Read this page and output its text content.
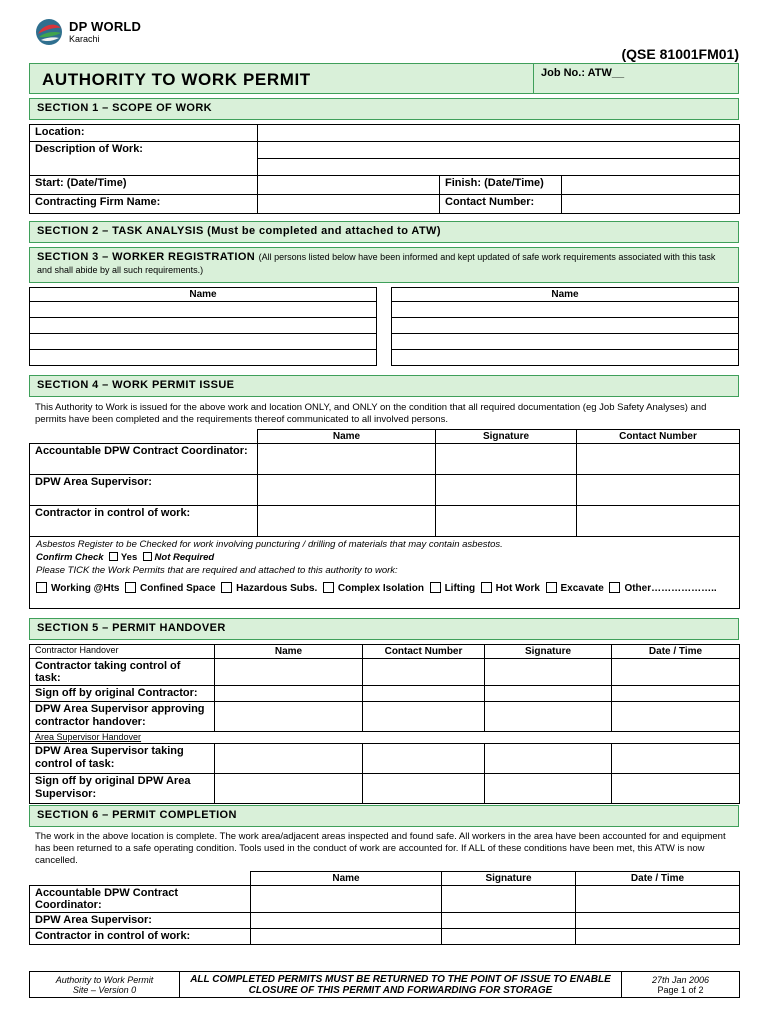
DP WORLD
Karachi
(QSE 81001FM01)
AUTHORITY TO WORK PERMIT	Job No.: ATW__
SECTION 1 – SCOPE OF WORK
Location:			
Description of Work:			

Start: (Date/Time)		Finish: (Date/Time)	
Contracting Firm Name:		Contact Number:	
SECTION 2 – TASK ANALYSIS (Must be completed and attached to ATW)
SECTION 3 – WORKER REGISTRATION (All persons listed below have been informed and kept updated of safe work requirements associated with this task and shall abide by all such requirements.)
Name	Name

SECTION 4 – WORK PERMIT ISSUE
This Authority to Work is issued for the above work and location ONLY, and ONLY on the condition that all required documentation (eg Job Safety Analyses) and permits have been completed and the requirements thereof communicated to all involved persons.
	Name	Signature	Contact Number
Accountable DPW Contract Coordinator:			
DPW Area Supervisor:			
Contractor in control of work:			

Asbestos Register to be Checked for work involving puncturing / drilling of materials that may contain asbestos.
Confirm Check Yes Not Required
Please TICK the Work Permits that are required and attached to this authority to work:
Working @Hts Confined Space Hazardous Subs. Complex Isolation Lifting Hot Work Excavate Other………………..			
SECTION 5 – PERMIT HANDOVER
Contractor Handover	Name	Contact Number	Signature	Date / Time
Contractor taking control of task:				
Sign off by original Contractor:				
DPW Area Supervisor approving contractor handover:				
Area Supervisor Handover				
DPW Area Supervisor taking control of task:				
Sign off by original DPW Area Supervisor:				
SECTION 6 – PERMIT COMPLETION
The work in the above location is complete. The work area/adjacent areas inspected and found safe. All workers in the area have been accounted for and equipment has been returned to a safe operating condition. Tools used in the conduct of work are accounted for. If ALL of these conditions have been met, this ATW is now cancelled.
	Name	Signature	Date / Time
Accountable DPW Contract Coordinator:			
DPW Area Supervisor:			
Contractor in control of work:			
Authority to Work Permit
Site – Version 0

ALL COMPLETED PERMITS MUST BE RETURNED TO THE POINT OF ISSUE TO ENABLE
CLOSURE OF THIS PERMIT AND FORWARDING FOR STORAGE

27th Jan 2006
Page 1 of 2
